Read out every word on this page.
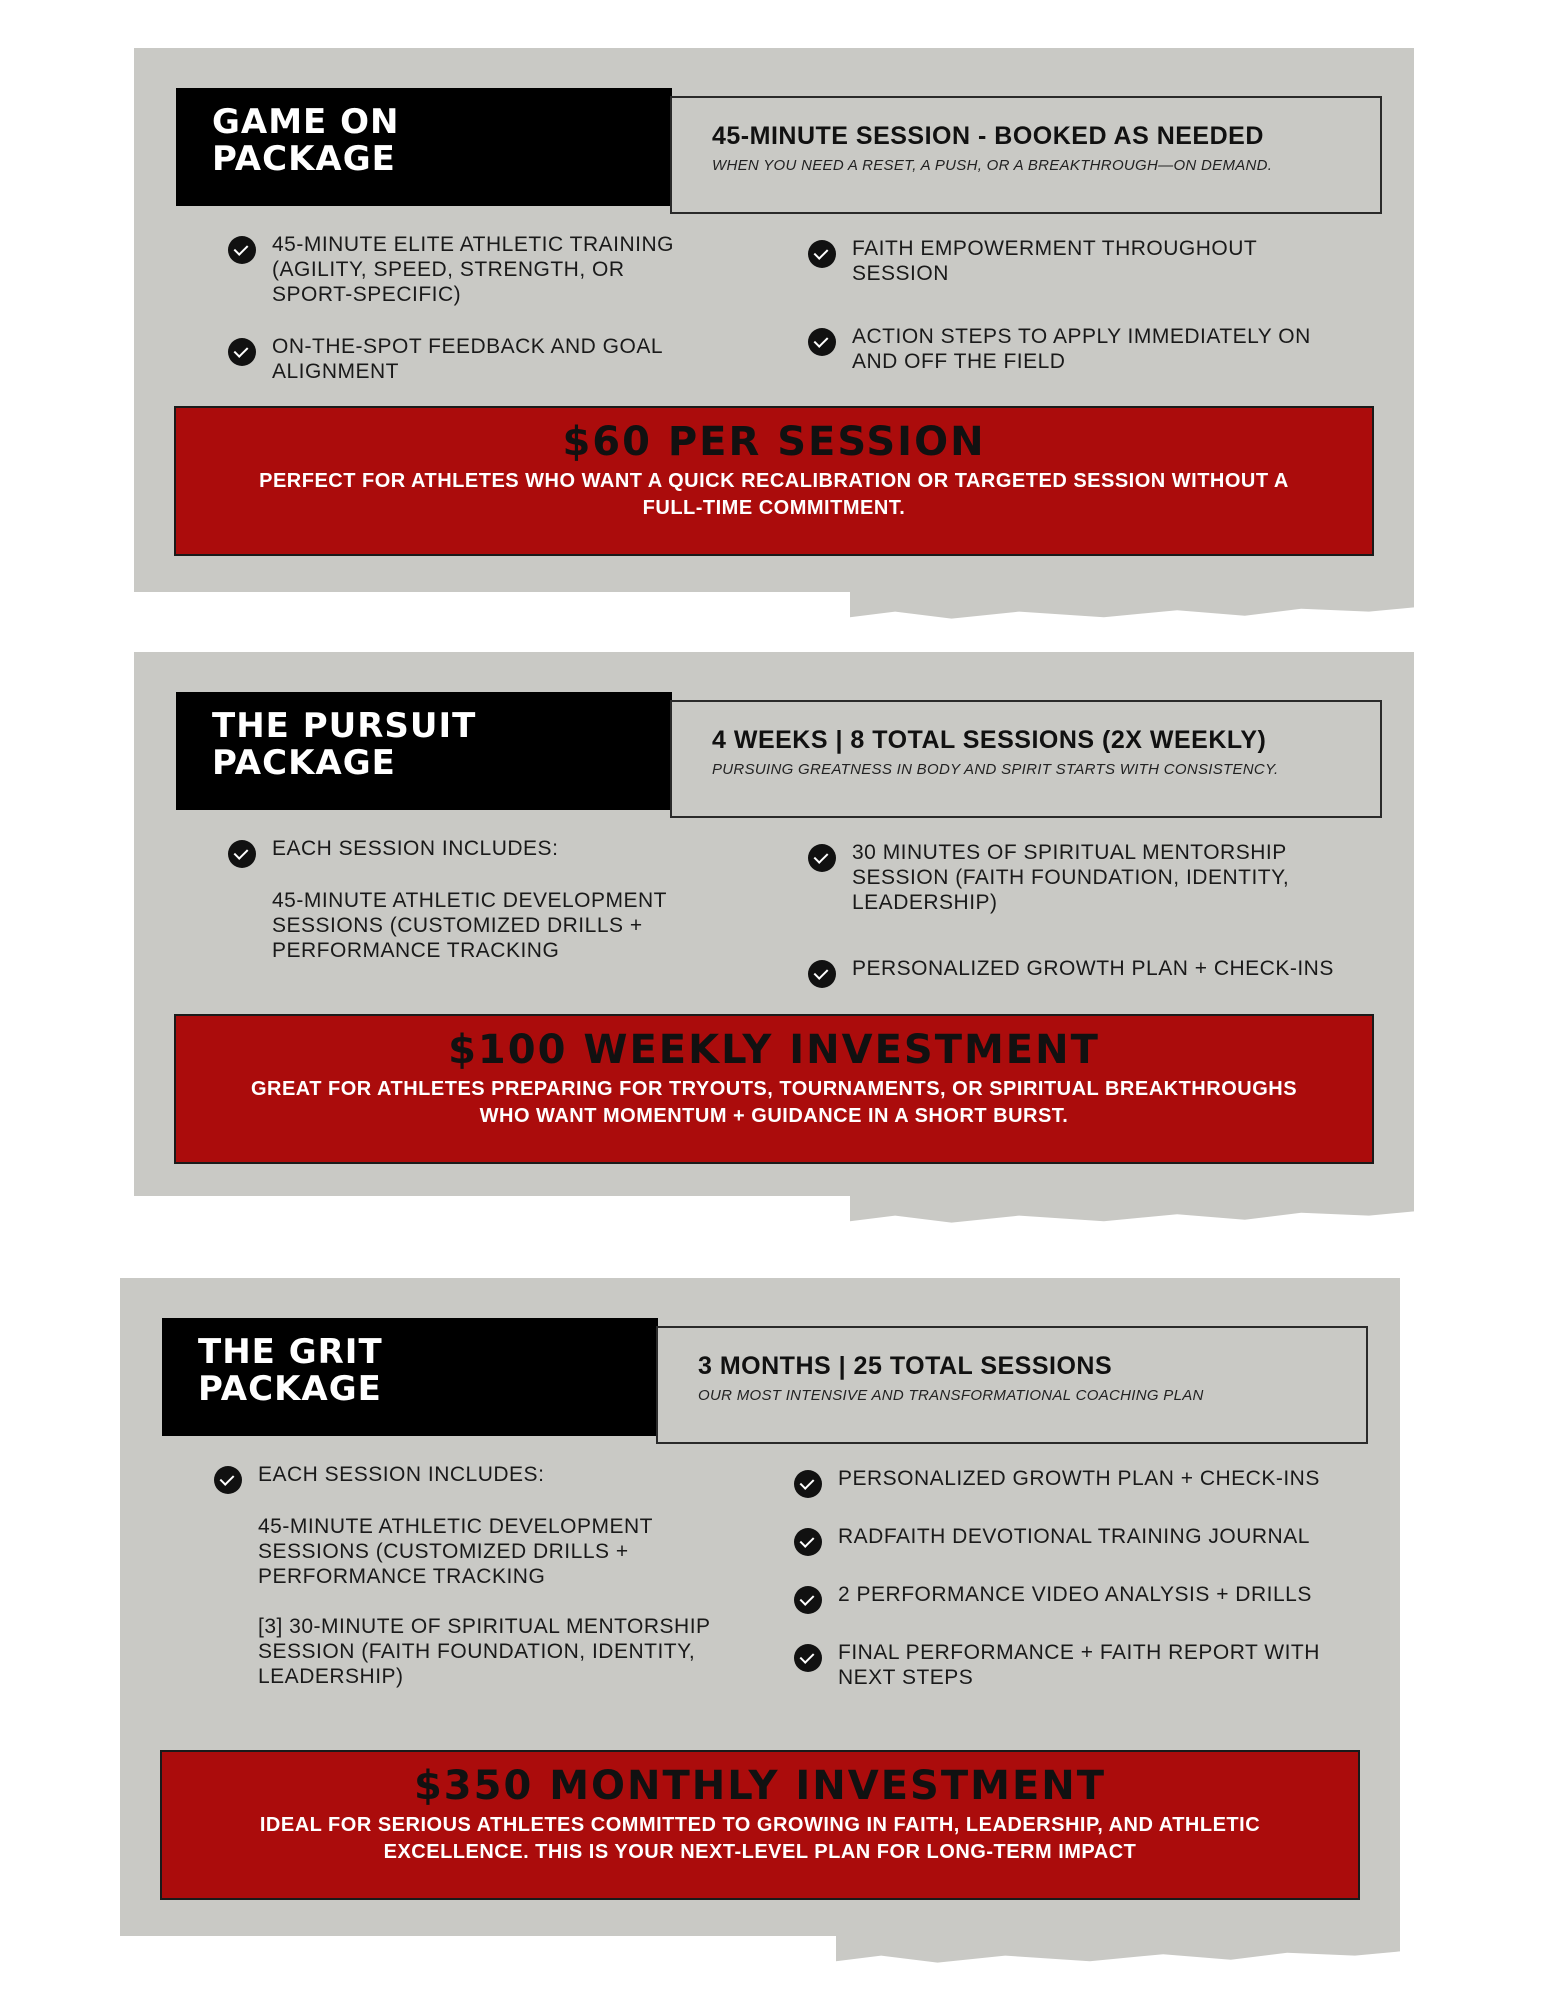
GAME ON
PACKAGE
45-MINUTE SESSION - BOOKED AS NEEDED
WHEN YOU NEED A RESET, A PUSH, OR A BREAKTHROUGH—ON DEMAND.
45-MINUTE ELITE ATHLETIC TRAINING (AGILITY, SPEED, STRENGTH, OR SPORT-SPECIFIC)
ON-THE-SPOT FEEDBACK AND GOAL ALIGNMENT
FAITH EMPOWERMENT THROUGHOUT SESSION
ACTION STEPS TO APPLY IMMEDIATELY ON AND OFF THE FIELD
$60 PER SESSION
PERFECT FOR ATHLETES WHO WANT A QUICK RECALIBRATION OR TARGETED SESSION WITHOUT A FULL-TIME COMMITMENT.
THE PURSUIT
PACKAGE
4 WEEKS | 8 TOTAL SESSIONS (2X WEEKLY)
PURSUING GREATNESS IN BODY AND SPIRIT STARTS WITH CONSISTENCY.
EACH SESSION INCLUDES:
45-MINUTE ATHLETIC DEVELOPMENT SESSIONS (CUSTOMIZED DRILLS + PERFORMANCE TRACKING
30 MINUTES OF SPIRITUAL MENTORSHIP SESSION (FAITH FOUNDATION, IDENTITY, LEADERSHIP)
PERSONALIZED GROWTH PLAN + CHECK-INS
$100 WEEKLY INVESTMENT
GREAT FOR ATHLETES PREPARING FOR TRYOUTS, TOURNAMENTS, OR SPIRITUAL BREAKTHROUGHS WHO WANT MOMENTUM + GUIDANCE IN A SHORT BURST.
THE GRIT
PACKAGE
3 MONTHS | 25 TOTAL SESSIONS
OUR MOST INTENSIVE AND TRANSFORMATIONAL COACHING PLAN
EACH SESSION INCLUDES:
45-MINUTE ATHLETIC DEVELOPMENT SESSIONS (CUSTOMIZED DRILLS + PERFORMANCE TRACKING
[3] 30-MINUTE OF SPIRITUAL MENTORSHIP SESSION (FAITH FOUNDATION, IDENTITY, LEADERSHIP)
PERSONALIZED GROWTH PLAN + CHECK-INS
RADFAITH DEVOTIONAL TRAINING JOURNAL
2 PERFORMANCE VIDEO ANALYSIS + DRILLS
FINAL PERFORMANCE + FAITH REPORT WITH NEXT STEPS
$350 MONTHLY INVESTMENT
IDEAL FOR SERIOUS ATHLETES COMMITTED TO GROWING IN FAITH, LEADERSHIP, AND ATHLETIC EXCELLENCE. THIS IS YOUR NEXT-LEVEL PLAN FOR LONG-TERM IMPACT
